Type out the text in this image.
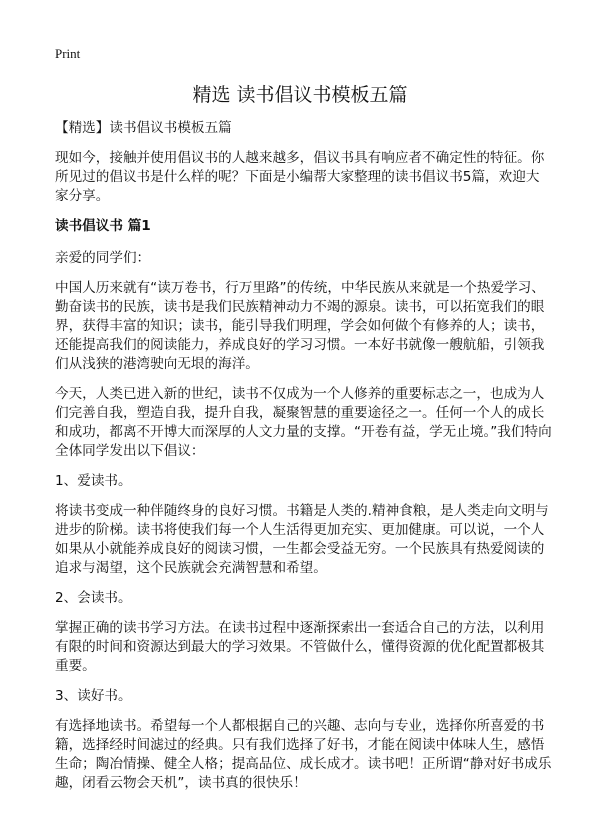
Print
精选 读书倡议书模板五篇

【精选】读书倡议书模板五篇

现如今，接触并使用倡议书的人越来越多，倡议书具有响应者不确定性的特征。你所见过的倡议书是什么样的呢？下面是小编帮大家整理的读书倡议书5篇，欢迎大家分享。

读书倡议书 篇1

亲爱的同学们：

中国人历来就有“读万卷书，行万里路”的传统，中华民族从来就是一个热爱学习、勤奋读书的民族，读书是我们民族精神动力不竭的源泉。读书，可以拓宽我们的眼界，获得丰富的知识；读书，能引导我们明理，学会如何做个有修养的人；读书，还能提高我们的阅读能力，养成良好的学习习惯。一本好书就像一艘航船，引领我们从浅狭的港湾驶向无垠的海洋。

今天，人类已进入新的世纪，读书不仅成为一个人修养的重要标志之一，也成为人们完善自我，塑造自我，提升自我，凝聚智慧的重要途径之一。任何一个人的成长和成功，都离不开博大而深厚的人文力量的支撑。“开卷有益，学无止境。”我们特向全体同学发出以下倡议：

1、爱读书。

将读书变成一种伴随终身的良好习惯。书籍是人类的.精神食粮，是人类走向文明与进步的阶梯。读书将使我们每一个人生活得更加充实、更加健康。可以说，一个人如果从小就能养成良好的阅读习惯，一生都会受益无穷。一个民族具有热爱阅读的追求与渴望，这个民族就会充满智慧和希望。

2、会读书。

掌握正确的读书学习方法。在读书过程中逐渐探索出一套适合自己的方法，以利用有限的时间和资源达到最大的学习效果。不管做什么，懂得资源的优化配置都极其重要。

3、读好书。

有选择地读书。希望每一个人都根据自己的兴趣、志向与专业，选择你所喜爱的书籍，选择经时间滤过的经典。只有我们选择了好书，才能在阅读中体味人生，感悟生命；陶冶情操、健全人格；提高品位、成长成才。读书吧！正所谓“静对好书成乐趣，闭看云物会天机”，读书真的很快乐！
